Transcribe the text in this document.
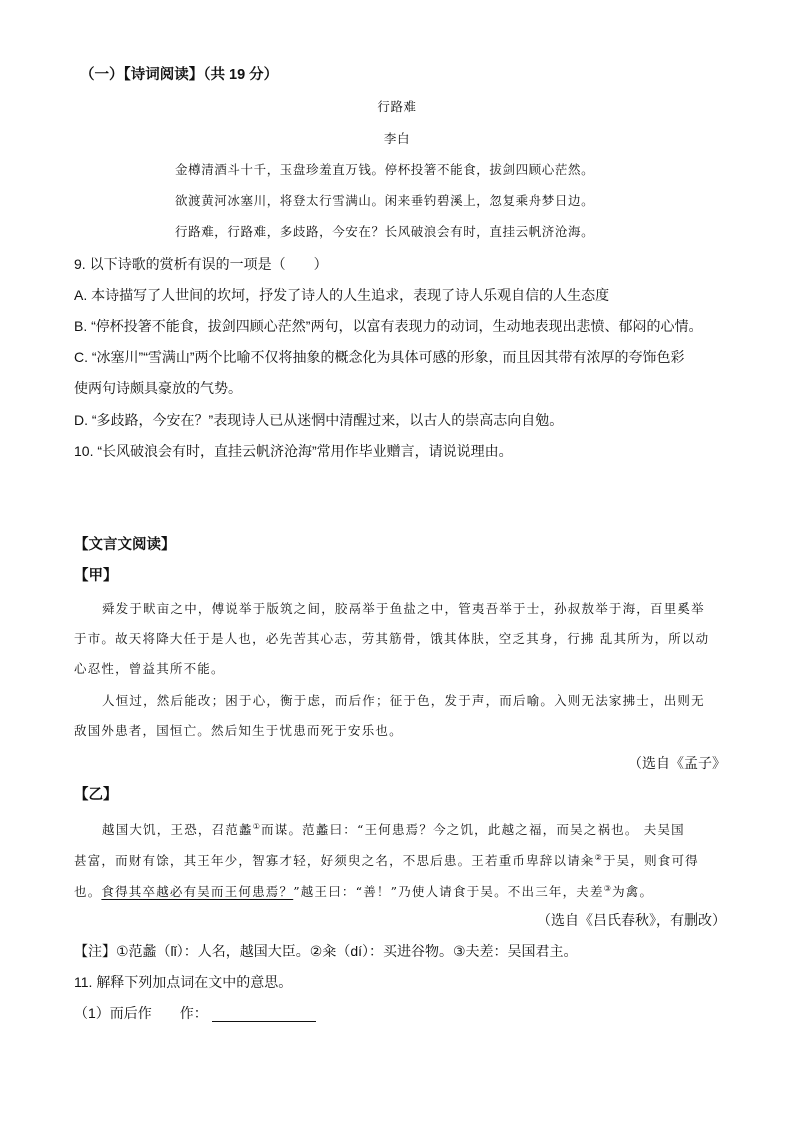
（一）【诗词阅读】（共 19 分）
行路难
李白
金樽清酒斗十千，玉盘珍羞直万钱。停杯投箸不能食，拔剑四顾心茫然。
欲渡黄河冰塞川，将登太行雪满山。闲来垂钓碧溪上，忽复乘舟梦日边。
行路难，行路难，多歧路，今安在？长风破浪会有时，直挂云帆济沧海。
9. 以下诗歌的赏析有误的一项是（　　）
A. 本诗描写了人世间的坎坷，抒发了诗人的人生追求，表现了诗人乐观自信的人生态度
B. “停杯投箸不能食，拔剑四顾心茫然”两句，以富有表现力的动词，生动地表现出悲愤、郁闷的心情。
C. “冰塞川”“雪满山”两个比喻不仅将抽象的概念化为具体可感的形象，而且因其带有浓厚的夸饰色彩
使两句诗颇具豪放的气势。
D. “多歧路，今安在？”表现诗人已从迷惘中清醒过来，以古人的崇高志向自勉。
10. “长风破浪会有时，直挂云帆济沧海”常用作毕业赠言，请说说理由。
【文言文阅读】
【甲】
舜发于畎亩之中，傅说举于版筑之间，胶鬲举于鱼盐之中，管夷吾举于士，孙叔敖举于海，百里奚举
于市。故天将降大任于是人也，必先苦其心志，劳其筋骨，饿其体肤，空乏其身，行拂 乱其所为，所以动
心忍性，曾益其所不能。
人恒过，然后能改；困于心，衡于虑，而后作；征于色，发于声，而后喻。入则无法家拂士，出则无
敌国外患者，国恒亡。然后知生于忧患而死于安乐也。
（选自《孟子》
【乙】
越国大饥，王恐，召范蠡①而谋。范蠡曰：“王何患焉？今之饥，此越之福，而吴之祸也。 夫吴国
甚富，而财有馀，其王年少，智寡才轻，好须臾之名，不思后患。王若重币卑辞以请籴②于吴，则食可得
也。食得其卒越必有吴而王何患焉？”越王曰：“善！”乃使人请食于吴。不出三年，夫差③为禽。
（选自《吕氏春秋》，有删改）
【注】①范蠡（lǐ）：人名，越国大臣。②籴（dí）：买进谷物。③夫差：吴国君主。
11. 解释下列加点词在文中的意思。
（1）而后作 作：
